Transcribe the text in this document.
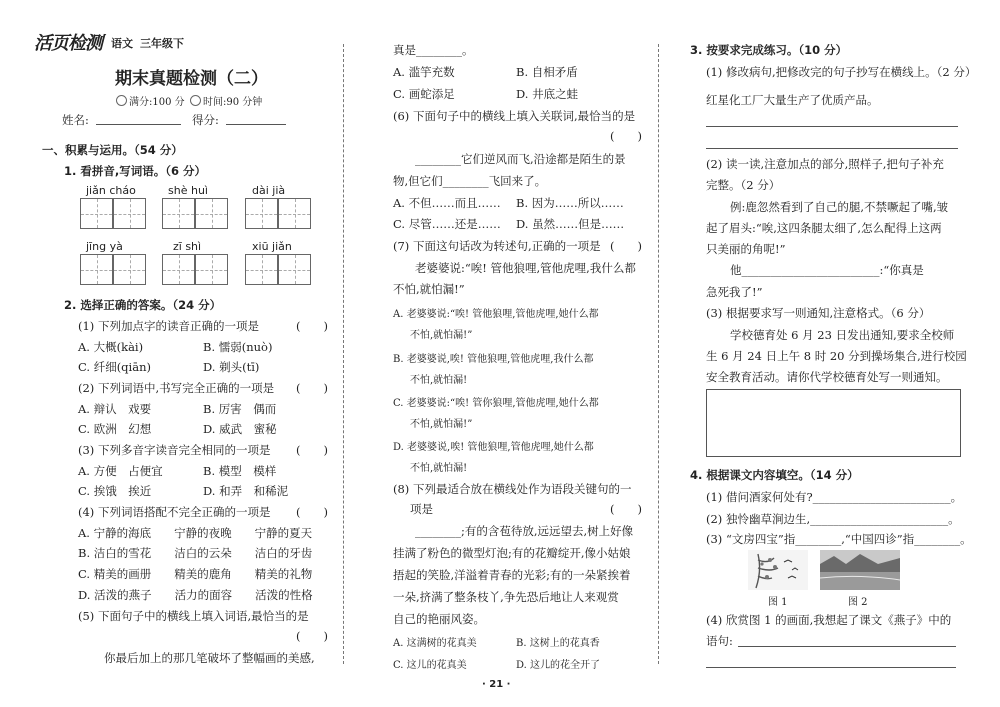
活页检测 语文 三年级下
期末真题检测（二）
满分:100 分	时间:90 分钟
姓名:	得分:
一、积累与运用。（54 分）
1. 看拼音,写词语。（6 分）
jiǎn cháo	shè huì	dài jià
jīng yà	zī shì	xiū jiǎn
2. 选择正确的答案。（24 分）
(1) 下列加点字的读音正确的一项是	(　　)
A. 大概(kài)	B. 懦弱(nuò)
C. 纤细(qiān)	D. 剃头(tī)
(2) 下列词语中,书写完全正确的一项是 (　　)
A. 辩认　戏要	B. 厉害　偶而
C. 欧洲　幻想	D. 威武　蜜秘
(3) 下列多音字读音完全相同的一项是 (　　)
A. 方便　占便宜	B. 模型　模样
C. 挨饿　挨近	D. 和弄　和稀泥
(4) 下列词语搭配不完全正确的一项是 (　　)
A. 宁静的海底　　宁静的夜晚　　宁静的夏天
B. 洁白的雪花　　洁白的云朵　　洁白的牙齿
C. 精美的画册　　精美的鹿角　　精美的礼物
D. 活泼的燕子　　活力的面容　　活泼的性格
(5) 下面句子中的横线上填入词语,最恰当的是
(　　)
你最后加上的那几笔破坏了整幅画的美感,
真是________。
A. 滥竽充数	B. 自相矛盾
C. 画蛇添足	D. 井底之蛙
(6) 下面句子中的横线上填入关联词,最恰当的是
(　　)
________它们逆风而飞,沿途都是陌生的景
物,但它们________飞回来了。
A. 不但……而且…… B. 因为……所以……
C. 尽管……还是…… D. 虽然……但是……
(7) 下面这句话改为转述句,正确的一项是 (　　)
老婆婆说:“唉! 管他狼哩,管他虎哩,我什么都
不怕,就怕漏!”
A. 老婆婆说:“唉! 管他狼哩,管他虎哩,她什么都
不怕,就怕漏!”
B. 老婆婆说,唉! 管他狼哩,管他虎哩,我什么都
不怕,就怕漏!
C. 老婆婆说:“唉! 管你狼哩,管他虎哩,她什么都
不怕,就怕漏!”
D. 老婆婆说,唉! 管他狼哩,管他虎哩,她什么都
不怕,就怕漏!
(8) 下列最适合放在横线处作为语段关键句的一
项是	(　　)
________;有的含苞待放,远远望去,树上好像
挂满了粉色的微型灯泡;有的花瓣绽开,像小姑娘
捂起的笑脸,洋溢着青春的光彩;有的一朵紧挨着
一朵,挤满了整条枝丫,争先恐后地让人来观赏
自己的艳丽风姿。
A. 这满树的花真美	B. 这树上的花真香
C. 这儿的花真美	D. 这儿的花全开了
· 21 ·
3. 按要求完成练习。（10 分）
(1) 修改病句,把修改完的句子抄写在横线上。（2 分）
红星化工厂大量生产了优质产品。
(2) 读一读,注意加点的部分,照样子,把句子补充
完整。（2 分）
例:鹿忽然看到了自己的腿,不禁噘起了嘴,皱
起了眉头:“唉,这四条腿太细了,怎么配得上这两
只美丽的角呢!”
他________________________:“你真是
急死我了!”
(3) 根据要求写一则通知,注意格式。（6 分）
学校德育处 6 月 23 日发出通知,要求全校师
生 6 月 24 日上午 8 时 20 分到操场集合,进行校园
安全教育活动。请你代学校德育处写一则通知。
4. 根据课文内容填空。（14 分）
(1) 借问酒家何处有?________________________。
(2) 独怜幽草涧边生,________________________。
(3) “文房四宝”指________,“中国四诊”指________。
图 1	图 2
(4) 欣赏图 1 的画面,我想起了课文《燕子》中的
语句:
